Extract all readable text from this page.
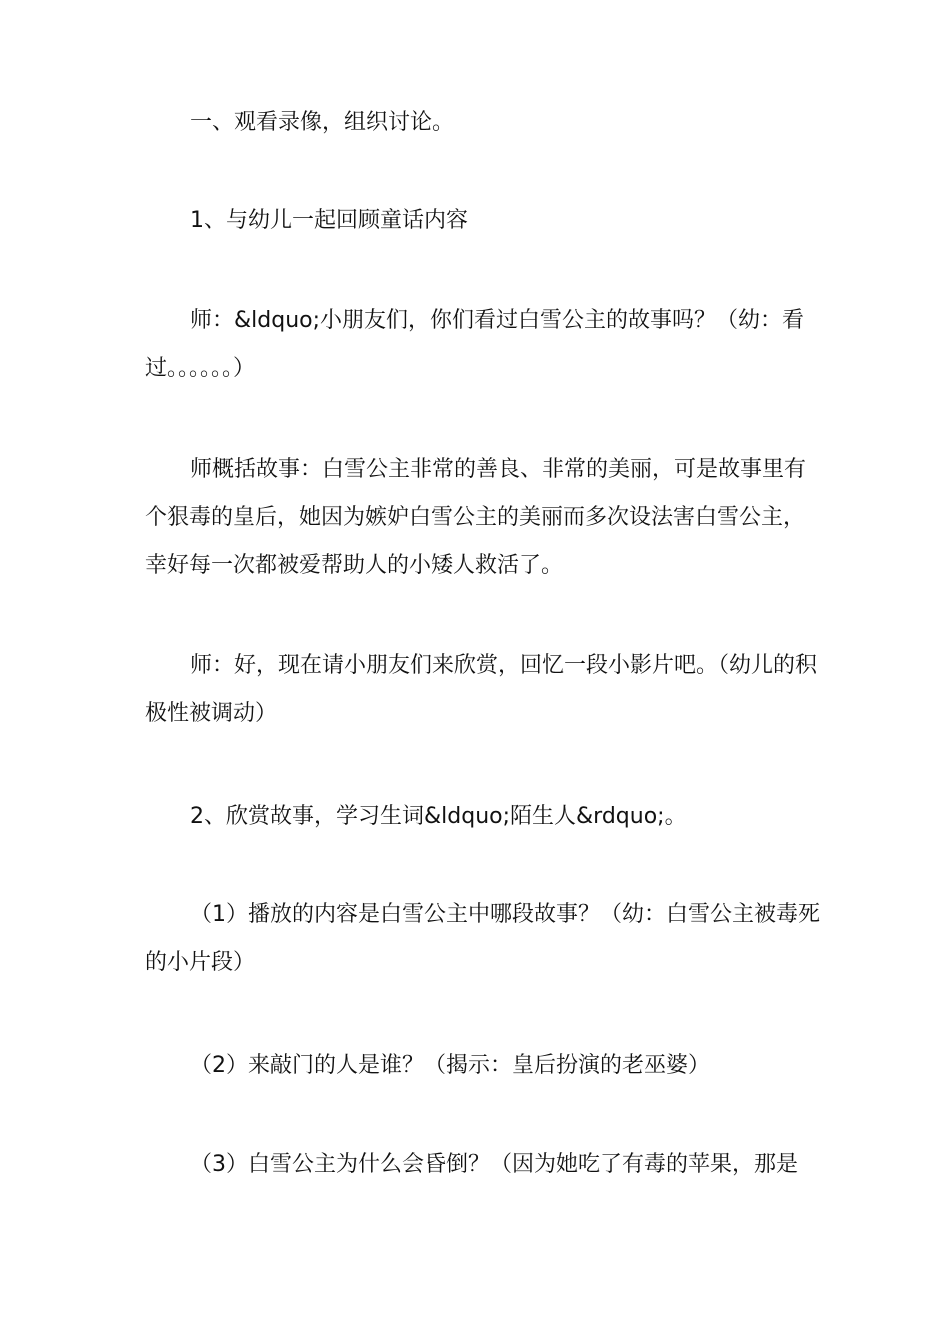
一、观看录像，组织讨论。

1、与幼儿一起回顾童话内容

师：&ldquo;小朋友们，你们看过白雪公主的故事吗？（幼：看过。。。。。。）

师概括故事：白雪公主非常的善良、非常的美丽，可是故事里有个狠毒的皇后，她因为嫉妒白雪公主的美丽而多次设法害白雪公主，幸好每一次都被爱帮助人的小矮人救活了。

师：好，现在请小朋友们来欣赏，回忆一段小影片吧。（幼儿的积极性被调动）

2、欣赏故事，学习生词&ldquo;陌生人&rdquo;。

（1）播放的内容是白雪公主中哪段故事？（幼：白雪公主被毒死的小片段）

（2）来敲门的人是谁？（揭示：皇后扮演的老巫婆）

（3）白雪公主为什么会昏倒？（因为她吃了有毒的苹果，那是
